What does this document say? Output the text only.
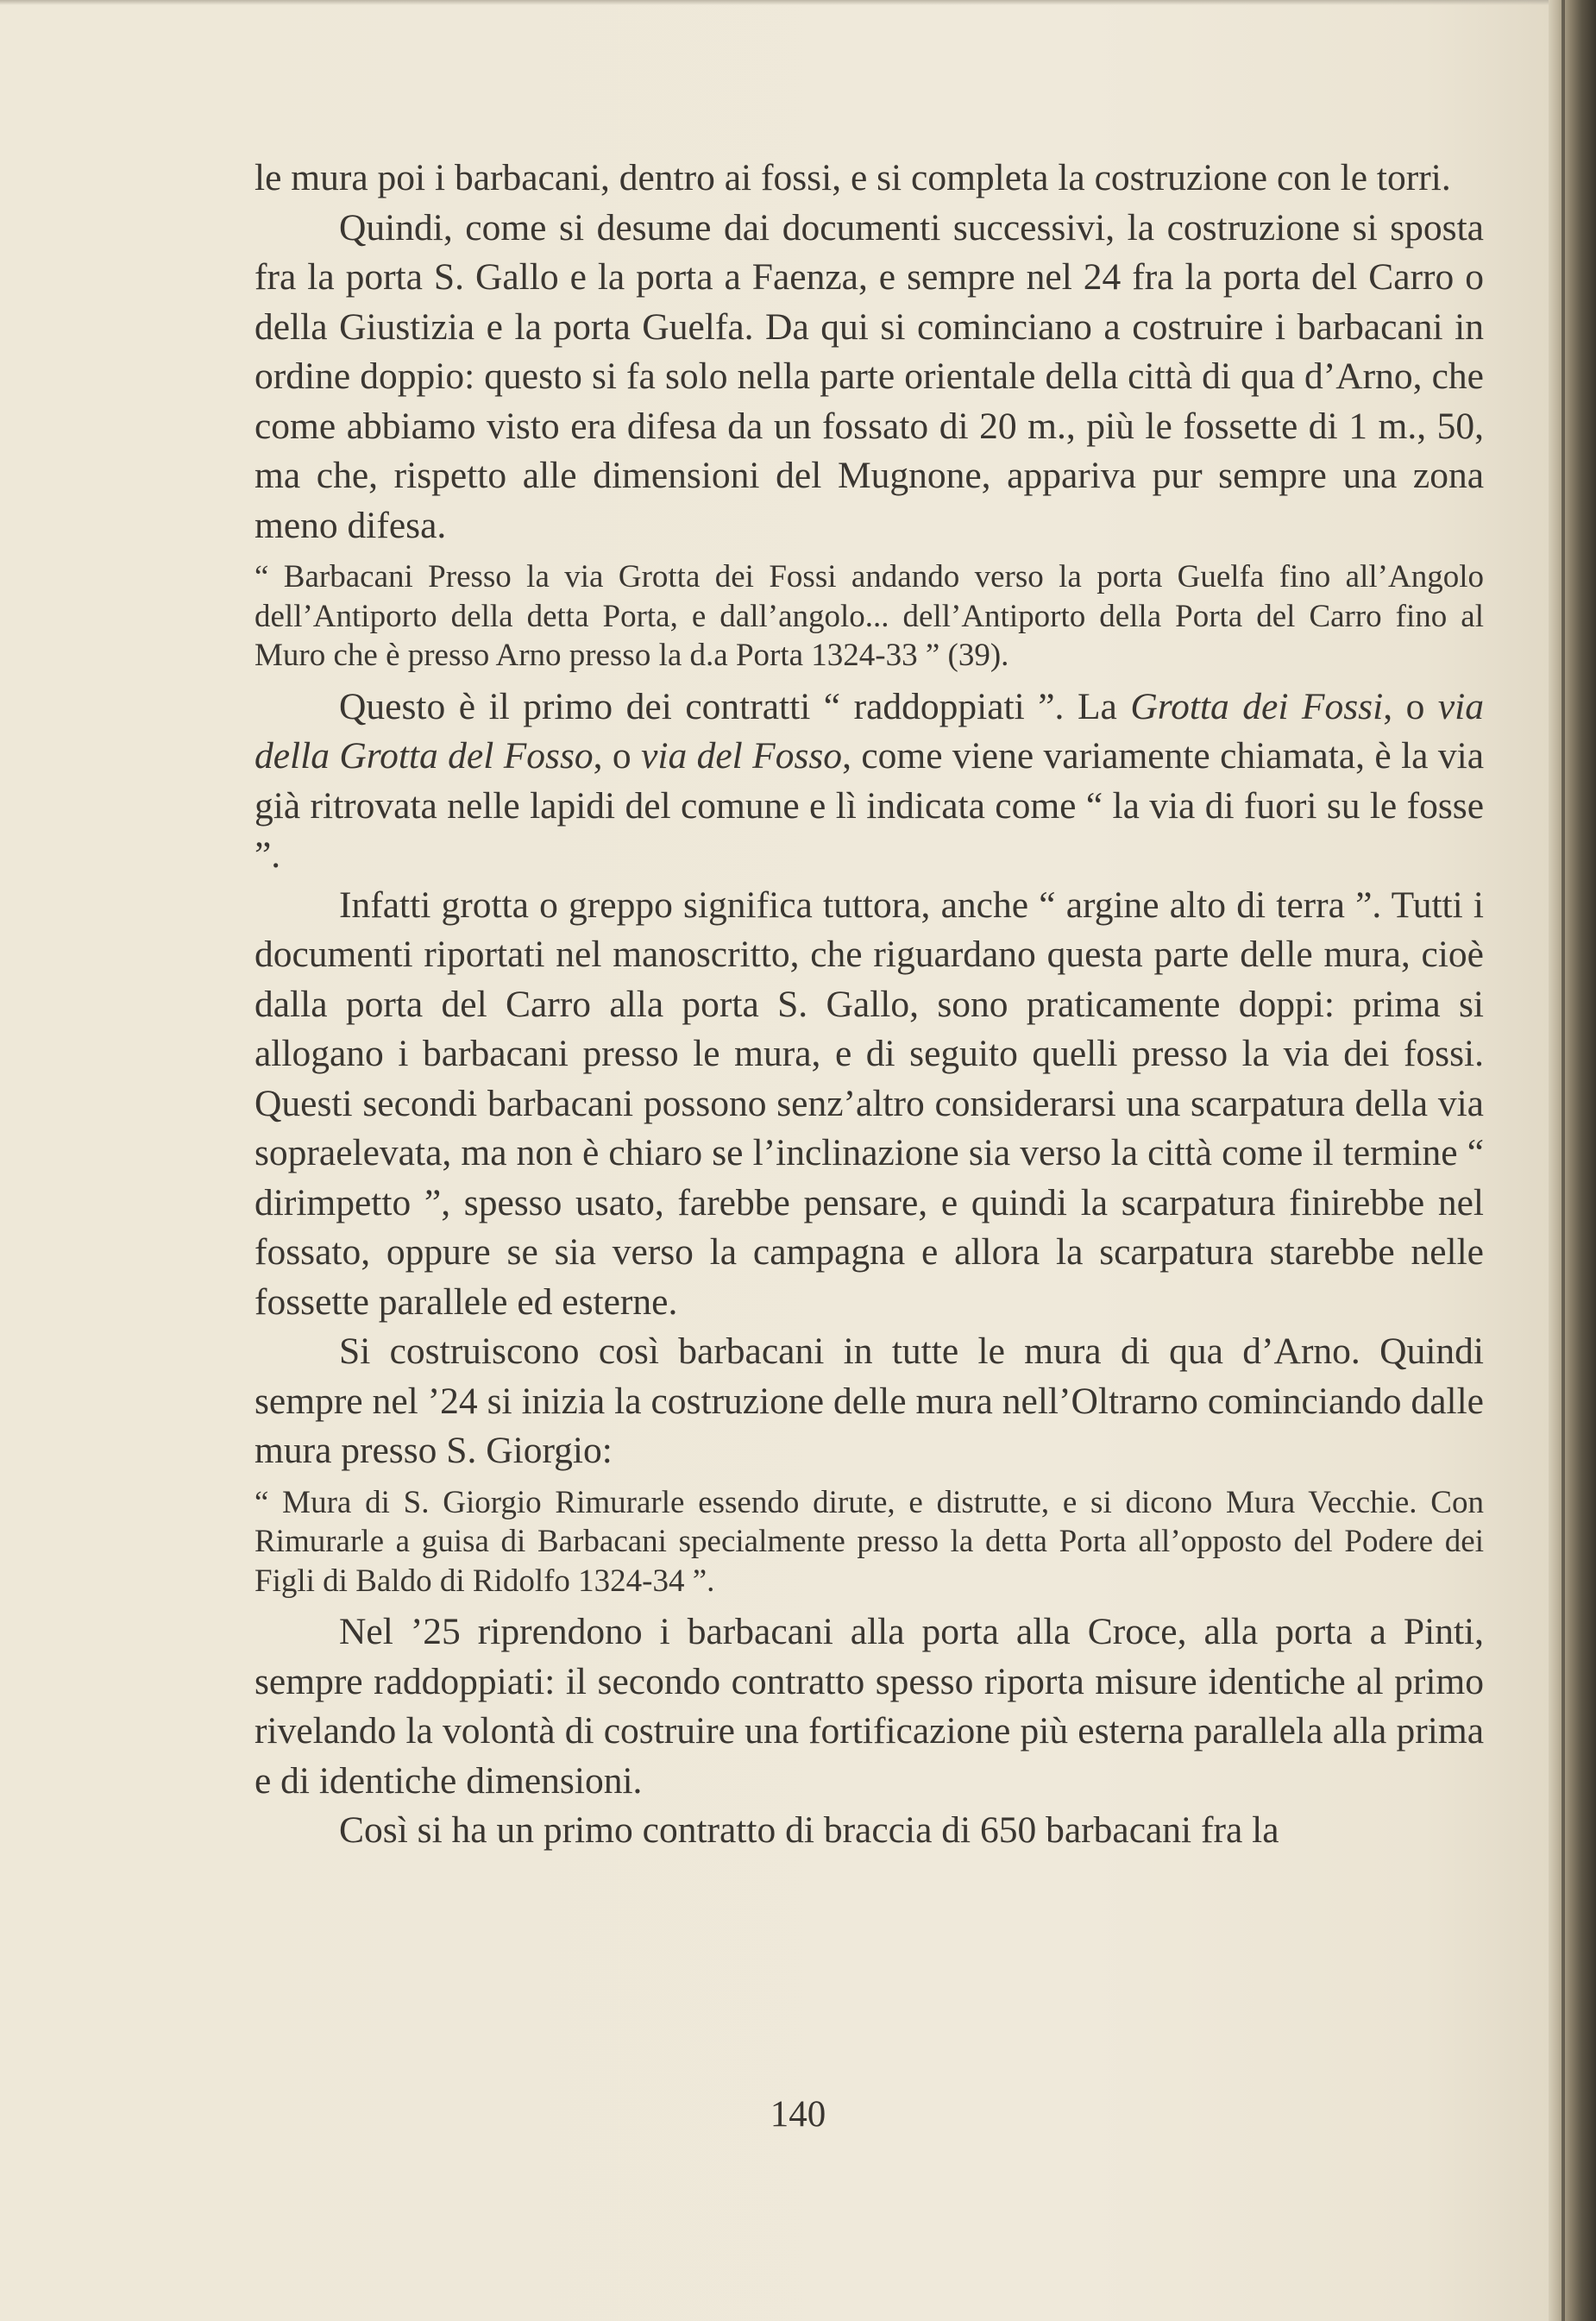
le mura poi i barbacani, dentro ai fossi, e si completa la costruzione con le torri.

Quindi, come si desume dai documenti successivi, la costruzione si sposta fra la porta S. Gallo e la porta a Faenza, e sempre nel 24 fra la porta del Carro o della Giustizia e la porta Guelfa. Da qui si cominciano a costruire i barbacani in ordine doppio: questo si fa solo nella parte orientale della città di qua d’Arno, che come abbiamo visto era difesa da un fossato di 20 m., più le fossette di 1 m., 50, ma che, rispetto alle dimensioni del Mugnone, appariva pur sempre una zona meno difesa.

“ Barbacani Presso la via Grotta dei Fossi andando verso la porta Guelfa fino all’Angolo dell’Antiporto della detta Porta, e dall’angolo... dell’Antiporto della Porta del Carro fino al Muro che è presso Arno presso la d.a Porta 1324-33 ” (39).

Questo è il primo dei contratti “ raddoppiati ”. La Grotta dei Fossi, o via della Grotta del Fosso, o via del Fosso, come viene variamente chiamata, è la via già ritrovata nelle lapidi del comune e lì indicata come “ la via di fuori su le fosse ”.

Infatti grotta o greppo significa tuttora, anche “ argine alto di terra ”. Tutti i documenti riportati nel manoscritto, che riguardano questa parte delle mura, cioè dalla porta del Carro alla porta S. Gallo, sono praticamente doppi: prima si allogano i barbacani presso le mura, e di seguito quelli presso la via dei fossi. Questi secondi barbacani possono senz’altro considerarsi una scarpatura della via sopraelevata, ma non è chiaro se l’inclinazione sia verso la città come il termine “ dirimpetto ”, spesso usato, farebbe pensare, e quindi la scarpatura finirebbe nel fossato, oppure se sia verso la campagna e allora la scarpatura starebbe nelle fossette parallele ed esterne.

Si costruiscono così barbacani in tutte le mura di qua d’Arno. Quindi sempre nel ’24 si inizia la costruzione delle mura nell’Oltrarno cominciando dalle mura presso S. Giorgio:

“ Mura di S. Giorgio Rimurarle essendo dirute, e distrutte, e si dicono Mura Vecchie. Con Rimurarle a guisa di Barbacani specialmente presso la detta Porta all’opposto del Podere dei Figli di Baldo di Ridolfo 1324-34 ”.

Nel ’25 riprendono i barbacani alla porta alla Croce, alla porta a Pinti, sempre raddoppiati: il secondo contratto spesso riporta misure identiche al primo rivelando la volontà di costruire una fortificazione più esterna parallela alla prima e di identiche dimensioni.

Così si ha un primo contratto di braccia di 650 barbacani fra la

140
